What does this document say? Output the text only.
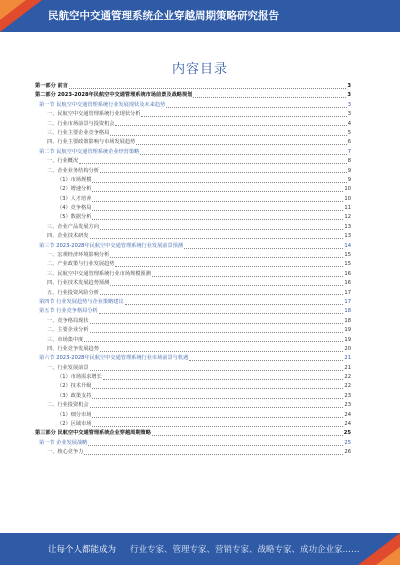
民航空中交通管理系统企业穿越周期策略研究报告
内容目录
第一部分 前言	3
第二部分 2023-2028年民航空中交通管理系统市场前景及战略规划	3
第一节 民航空中交通管理系统行业发展现状及未来趋势	3
一、民航空中交通管理系统行业现状分析	3
二、行业市场前景与投资机会	4
三、行业主要企业竞争格局	5
四、行业主要政策影响与市场发展趋势	6
第二节 民航空中交通管理系统企业经营策略	7
一、行业概况	8
二、企业业务结构分析	9
（1）市场规模	9
（2）增速分析	10
（3）人才培养	10
（4）竞争格局	11
（5）数据分析	12
三、企业产品发展方向	13
四、企业技术研发	13
第三节 2023-2028年民航空中交通管理系统行业发展前景预测	14
一、宏观经济环境影响分析	15
二、产业政策与行业发展趋势	15
三、民航空中交通管理系统行业市场规模预测	16
四、行业技术发展趋势预测	16
五、行业投资风险分析	17
第四节 行业发展趋势与企业策略建议	17
第五节 行业竞争格局分析	18
一、竞争格局现状	18
二、主要企业分析	19
三、市场集中度	19
四、行业竞争发展趋势	20
第六节 2023-2028年民航空中交通管理系统行业市场前景与机遇	21
一、行业发展前景	21
（1）市场需求增长	22
（2）技术升级	22
（3）政策支持	23
二、行业投资机会	23
（1）细分市场	24
（2）区域市场	24
第三部分 民航空中交通管理系统企业穿越周期策略	25
第一节 企业发展战略	25
一、核心竞争力	26
让每个人都能成为 行业专家、管理专家、营销专家、战略专家、成功企业家……
